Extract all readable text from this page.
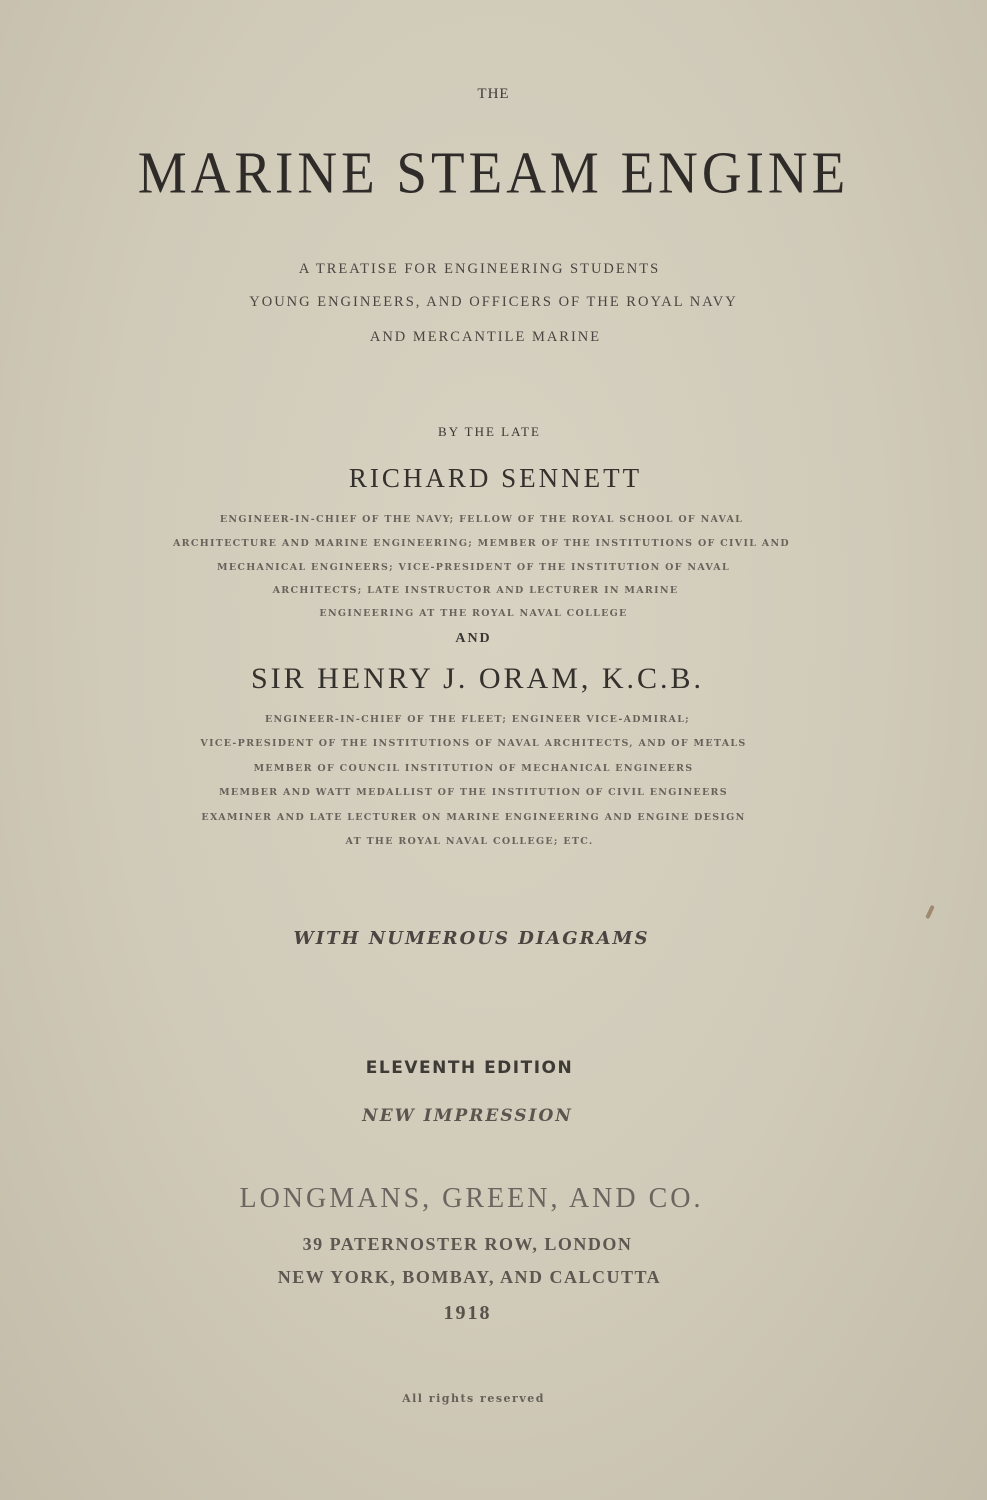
THE
MARINE STEAM ENGINE
A TREATISE FOR ENGINEERING STUDENTS
YOUNG ENGINEERS, AND OFFICERS OF THE ROYAL NAVY
AND MERCANTILE MARINE
BY THE LATE
RICHARD SENNETT
ENGINEER-IN-CHIEF OF THE NAVY; FELLOW OF THE ROYAL SCHOOL OF NAVAL
ARCHITECTURE AND MARINE ENGINEERING; MEMBER OF THE INSTITUTIONS OF CIVIL AND
MECHANICAL ENGINEERS; VICE-PRESIDENT OF THE INSTITUTION OF NAVAL
ARCHITECTS; LATE INSTRUCTOR AND LECTURER IN MARINE
ENGINEERING AT THE ROYAL NAVAL COLLEGE
AND
SIR HENRY J. ORAM, K.C.B.
ENGINEER-IN-CHIEF OF THE FLEET; ENGINEER VICE-ADMIRAL;
VICE-PRESIDENT OF THE INSTITUTIONS OF NAVAL ARCHITECTS, AND OF METALS
MEMBER OF COUNCIL INSTITUTION OF MECHANICAL ENGINEERS
MEMBER AND WATT MEDALLIST OF THE INSTITUTION OF CIVIL ENGINEERS
EXAMINER AND LATE LECTURER ON MARINE ENGINEERING AND ENGINE DESIGN
AT THE ROYAL NAVAL COLLEGE; ETC.
WITH NUMEROUS DIAGRAMS
ELEVENTH EDITION
NEW IMPRESSION
LONGMANS, GREEN, AND CO.
39 PATERNOSTER ROW, LONDON
NEW YORK, BOMBAY, AND CALCUTTA
1918
All rights reserved
